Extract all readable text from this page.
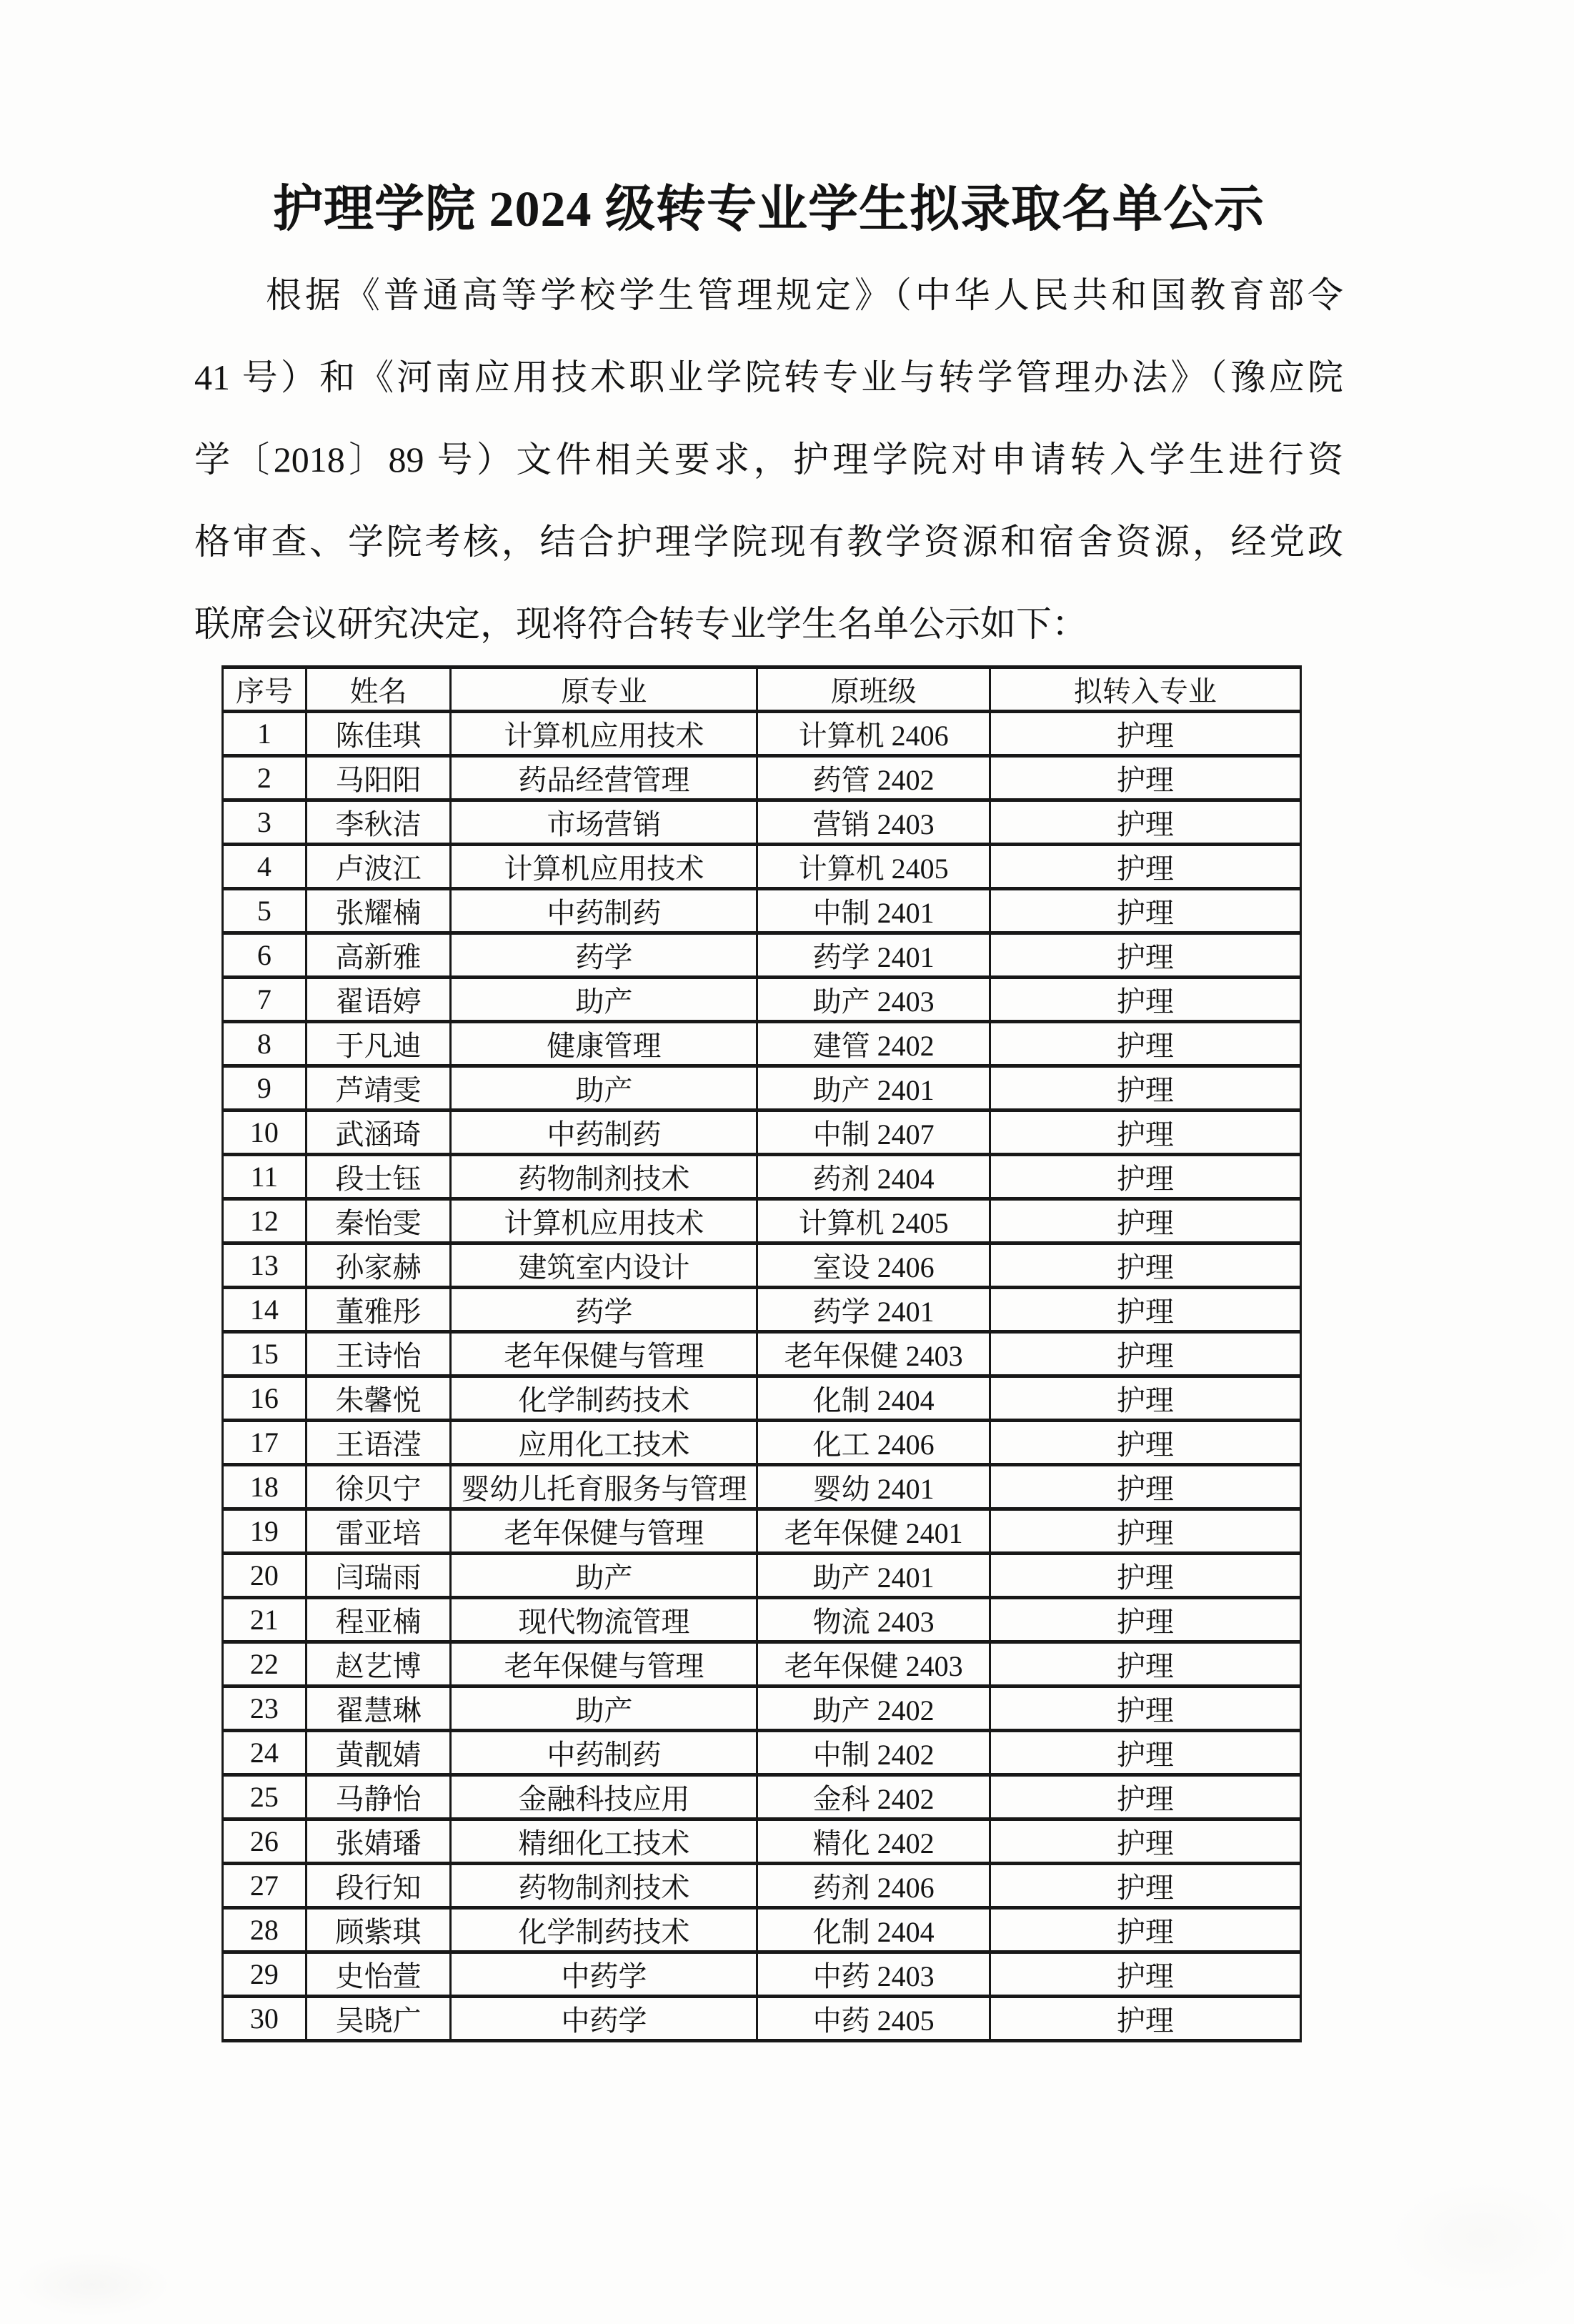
护理学院 2024 级转专业学生拟录取名单公示

根据《普通高等学校学生管理规定》（中华人民共和国教育部令

41 号）和《河南应用技术职业学院转专业与转学管理办法》（豫应院

学〔2018〕89 号）文件相关要求，护理学院对申请转入学生进行资

格审查、学院考核，结合护理学院现有教学资源和宿舍资源，经党政

联席会议研究决定，现将符合转专业学生名单公示如下：

序号	姓名	原专业	原班级	拟转入专业
1	陈佳琪	计算机应用技术	计算机 2406	护理
2	马阳阳	药品经营管理	药管 2402	护理
3	李秋洁	市场营销	营销 2403	护理
4	卢波江	计算机应用技术	计算机 2405	护理
5	张耀楠	中药制药	中制 2401	护理
6	高新雅	药学	药学 2401	护理
7	翟语婷	助产	助产 2403	护理
8	于凡迪	健康管理	建管 2402	护理
9	芦靖雯	助产	助产 2401	护理
10	武涵琦	中药制药	中制 2407	护理
11	段士钰	药物制剂技术	药剂 2404	护理
12	秦怡雯	计算机应用技术	计算机 2405	护理
13	孙家赫	建筑室内设计	室设 2406	护理
14	董雅彤	药学	药学 2401	护理
15	王诗怡	老年保健与管理	老年保健 2403	护理
16	朱馨悦	化学制药技术	化制 2404	护理
17	王语滢	应用化工技术	化工 2406	护理
18	徐贝宁	婴幼儿托育服务与管理	婴幼 2401	护理
19	雷亚培	老年保健与管理	老年保健 2401	护理
20	闫瑞雨	助产	助产 2401	护理
21	程亚楠	现代物流管理	物流 2403	护理
22	赵艺博	老年保健与管理	老年保健 2403	护理
23	翟慧琳	助产	助产 2402	护理
24	黄靓婧	中药制药	中制 2402	护理
25	马静怡	金融科技应用	金科 2402	护理
26	张婧璠	精细化工技术	精化 2402	护理
27	段行知	药物制剂技术	药剂 2406	护理
28	顾紫琪	化学制药技术	化制 2404	护理
29	史怡萱	中药学	中药 2403	护理
30	吴晓广	中药学	中药 2405	护理
